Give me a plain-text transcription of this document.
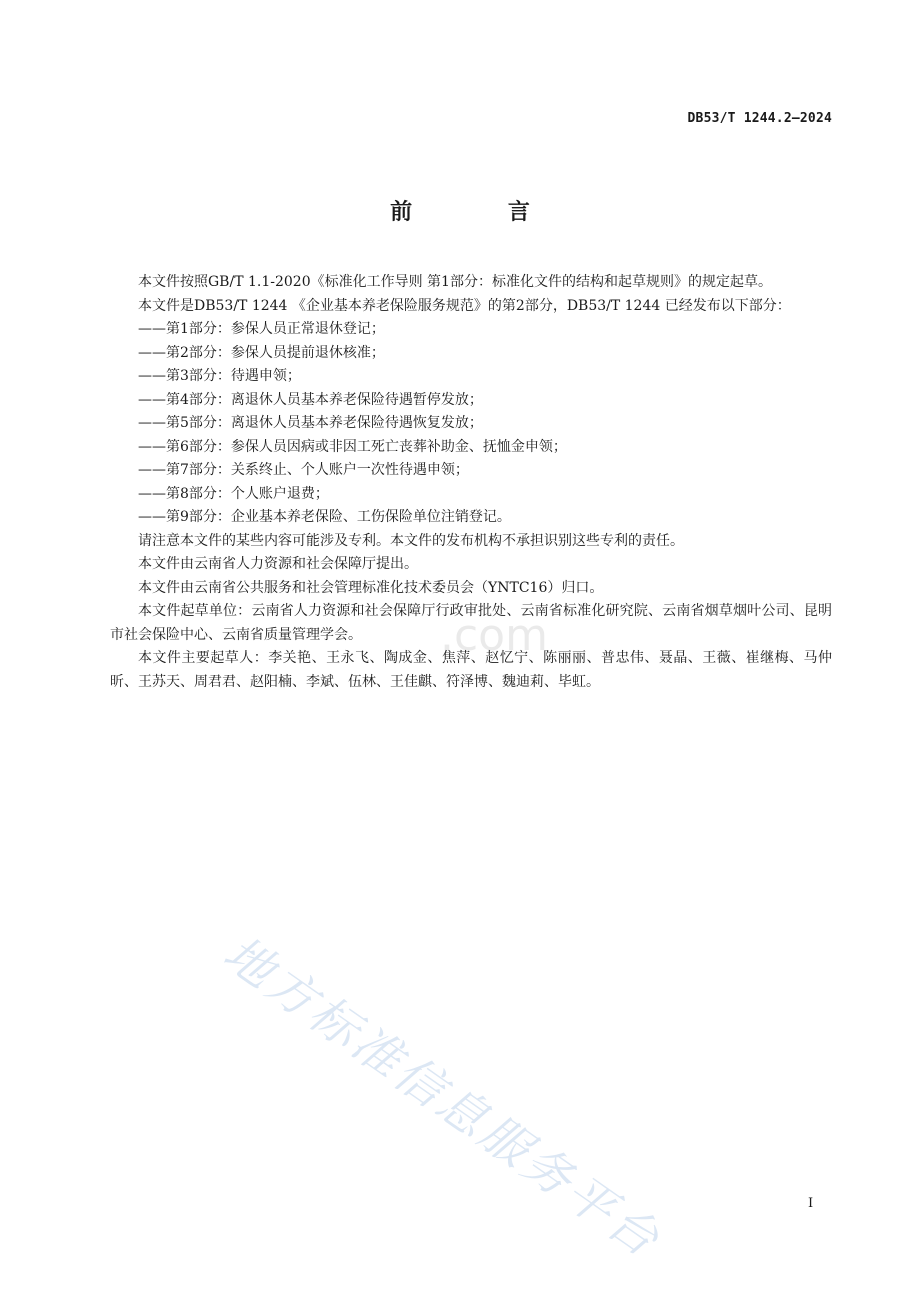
DB53/T 1244.2—2024
前 言

本文件按照GB/T 1.1-2020《标准化工作导则 第1部分：标准化文件的结构和起草规则》的规定起草。

本文件是DB53/T 1244 《企业基本养老保险服务规范》的第2部分，DB53/T 1244 已经发布以下部分：

——第1部分：参保人员正常退休登记；

——第2部分：参保人员提前退休核准；

——第3部分：待遇申领；

——第4部分：离退休人员基本养老保险待遇暂停发放；

——第5部分：离退休人员基本养老保险待遇恢复发放；

——第6部分：参保人员因病或非因工死亡丧葬补助金、抚恤金申领；

——第7部分：关系终止、个人账户一次性待遇申领；

——第8部分：个人账户退费；

——第9部分：企业基本养老保险、工伤保险单位注销登记。

请注意本文件的某些内容可能涉及专利。本文件的发布机构不承担识别这些专利的责任。

本文件由云南省人力资源和社会保障厅提出。

本文件由云南省公共服务和社会管理标准化技术委员会（YNTC16）归口。

本文件起草单位：云南省人力资源和社会保障厅行政审批处、云南省标准化研究院、云南省烟草烟叶公司、昆明市社会保险中心、云南省质量管理学会。

本文件主要起草人：李关艳、王永飞、陶成金、焦萍、赵忆宁、陈丽丽、普忠伟、聂晶、王薇、崔继梅、马仲昕、王苏天、周君君、赵阳楠、李斌、伍林、王佳麒、符泽博、魏迪莉、毕虹。

.com
地方标准信息服务平台	I
